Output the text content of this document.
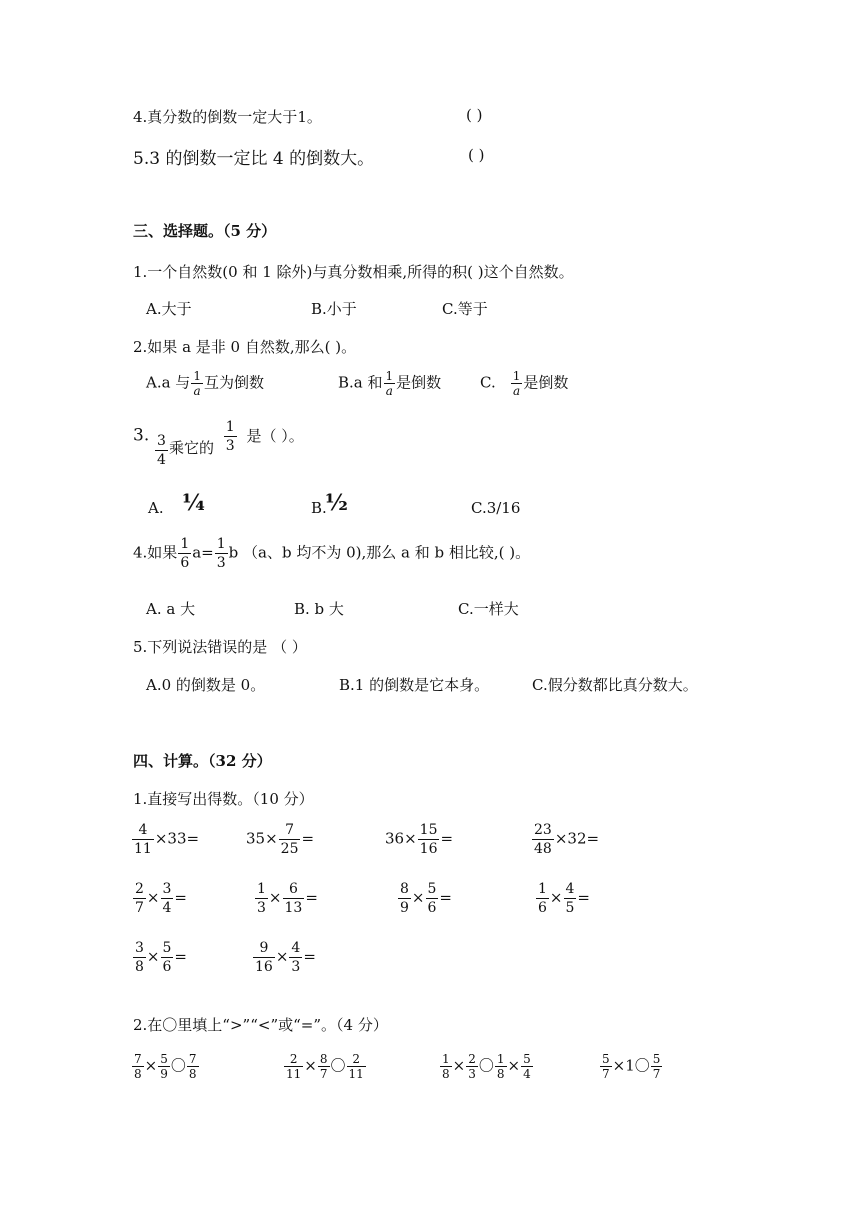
4.真分数的倒数一定大于1。	( )
5.3 的倒数一定比 4 的倒数大。	( )
三、选择题。（5 分）
1.一个自然数(0 和 1 除外)与真分数相乘,所得的积( )这个自然数。
A.大于	B.小于	C.等于
2.如果 a 是非 0 自然数,那么( )。
A.a 与 $\frac{1}{a}$ 互为倒数	B.a 和 $\frac{1}{a}$ 是倒数	C. $\frac{1}{a}$ 是倒数
3. $\frac{3}{4}$ 乘它的 $\frac{1}{3}$ 是（ ）。
A. ¼	B.
½	C.3/16
4.如果 $\frac{1}{6} a= \frac{1}{3}$ b （a、b 均不为 0),那么 a 和 b 相比较,( )。
A. a 大	B. b 大	C.一样大
5.下列说法错误的是 （ ）
A.0 的倒数是 0。	B.1 的倒数是它本身。	C.假分数都比真分数大。
四、计算。（32 分）
1.直接写出得数。（10 分）
$\frac{4}{11} \times 33=$	$35\times \frac{7}{25}$ =	$36\times \frac{15}{16}$ =	$\frac{23}{48} \times 32=$
$\frac{2}{7} \times \frac{3}{4}$ =	$\frac{1}{3} \times \frac{6}{13}$ =	$\frac{8}{9} \times \frac{5}{6}$ =	$\frac{1}{6} \times \frac{4}{5}$ =
$\frac{3}{8} \times \frac{5}{6}$ =	$\frac{9}{16} \times \frac{4}{3}$ =
2.在〇里填上“>”“<”或“=”。（4 分）
$\frac{7}{8} \times \frac{5}{9}$ 〇 $\frac{7}{8}$	$\frac{2}{11} \times \frac{8}{7}$ 〇 $\frac{2}{11}$	$\frac{1}{8} \times \frac{2}{3}$ 〇 $\frac{1}{8} \times \frac{5}{4}$	$\frac{5}{7} \times 1$〇 $\frac{5}{7}$
